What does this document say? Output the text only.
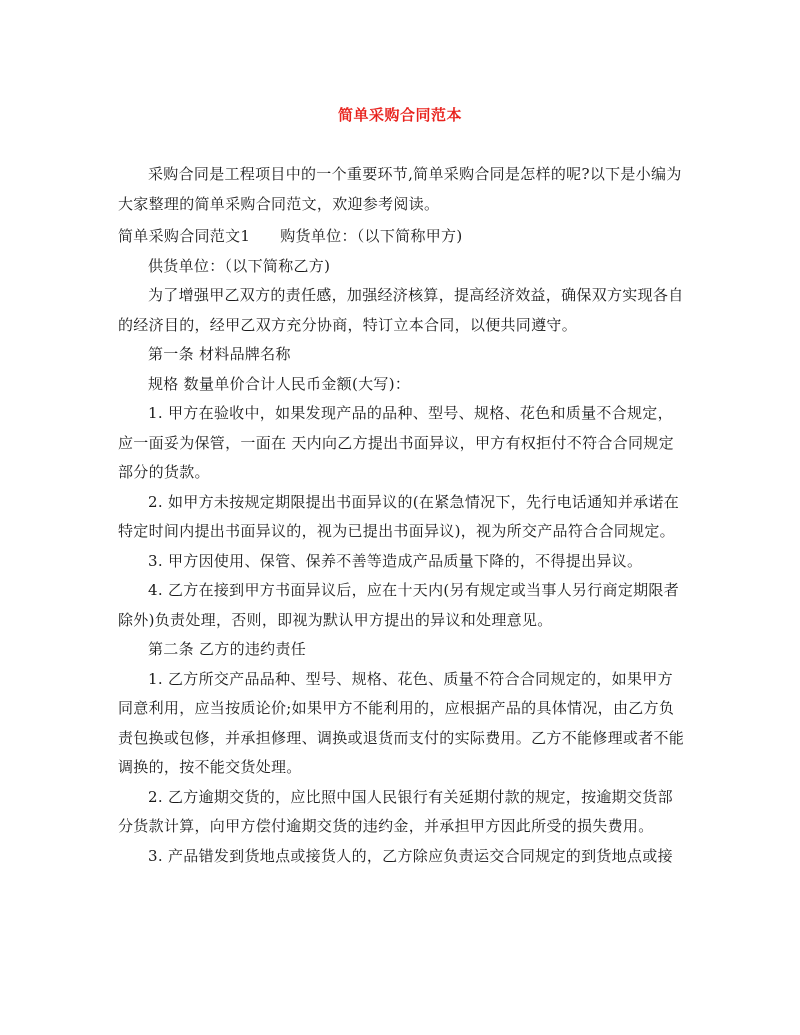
简单采购合同范本

采购合同是工程项目中的一个重要环节,简单采购合同是怎样的呢?以下是小编为大家整理的简单采购合同范文，欢迎参考阅读。

简单采购合同范文1 购货单位：（以下简称甲方)

供货单位：（以下简称乙方)

为了增强甲乙双方的责任感，加强经济核算，提高经济效益，确保双方实现各自的经济目的，经甲乙双方充分协商，特订立本合同，以便共同遵守。

第一条 材料品牌名称

规格 数量单价合计人民币金额(大写)：

1. 甲方在验收中，如果发现产品的品种、型号、规格、花色和质量不合规定，应一面妥为保管，一面在 天内向乙方提出书面异议，甲方有权拒付不符合合同规定部分的货款。

2. 如甲方未按规定期限提出书面异议的(在紧急情况下，先行电话通知并承诺在特定时间内提出书面异议的，视为已提出书面异议)，视为所交产品符合合同规定。

3. 甲方因使用、保管、保养不善等造成产品质量下降的，不得提出异议。

4. 乙方在接到甲方书面异议后，应在十天内(另有规定或当事人另行商定期限者除外)负责处理，否则，即视为默认甲方提出的异议和处理意见。

第二条 乙方的违约责任

1. 乙方所交产品品种、型号、规格、花色、质量不符合合同规定的，如果甲方同意利用，应当按质论价;如果甲方不能利用的，应根据产品的具体情况，由乙方负责包换或包修，并承担修理、调换或退货而支付的实际费用。乙方不能修理或者不能调换的，按不能交货处理。

2. 乙方逾期交货的，应比照中国人民银行有关延期付款的规定，按逾期交货部分货款计算，向甲方偿付逾期交货的违约金，并承担甲方因此所受的损失费用。

3. 产品错发到货地点或接货人的，乙方除应负责运交合同规定的到货地点或接
